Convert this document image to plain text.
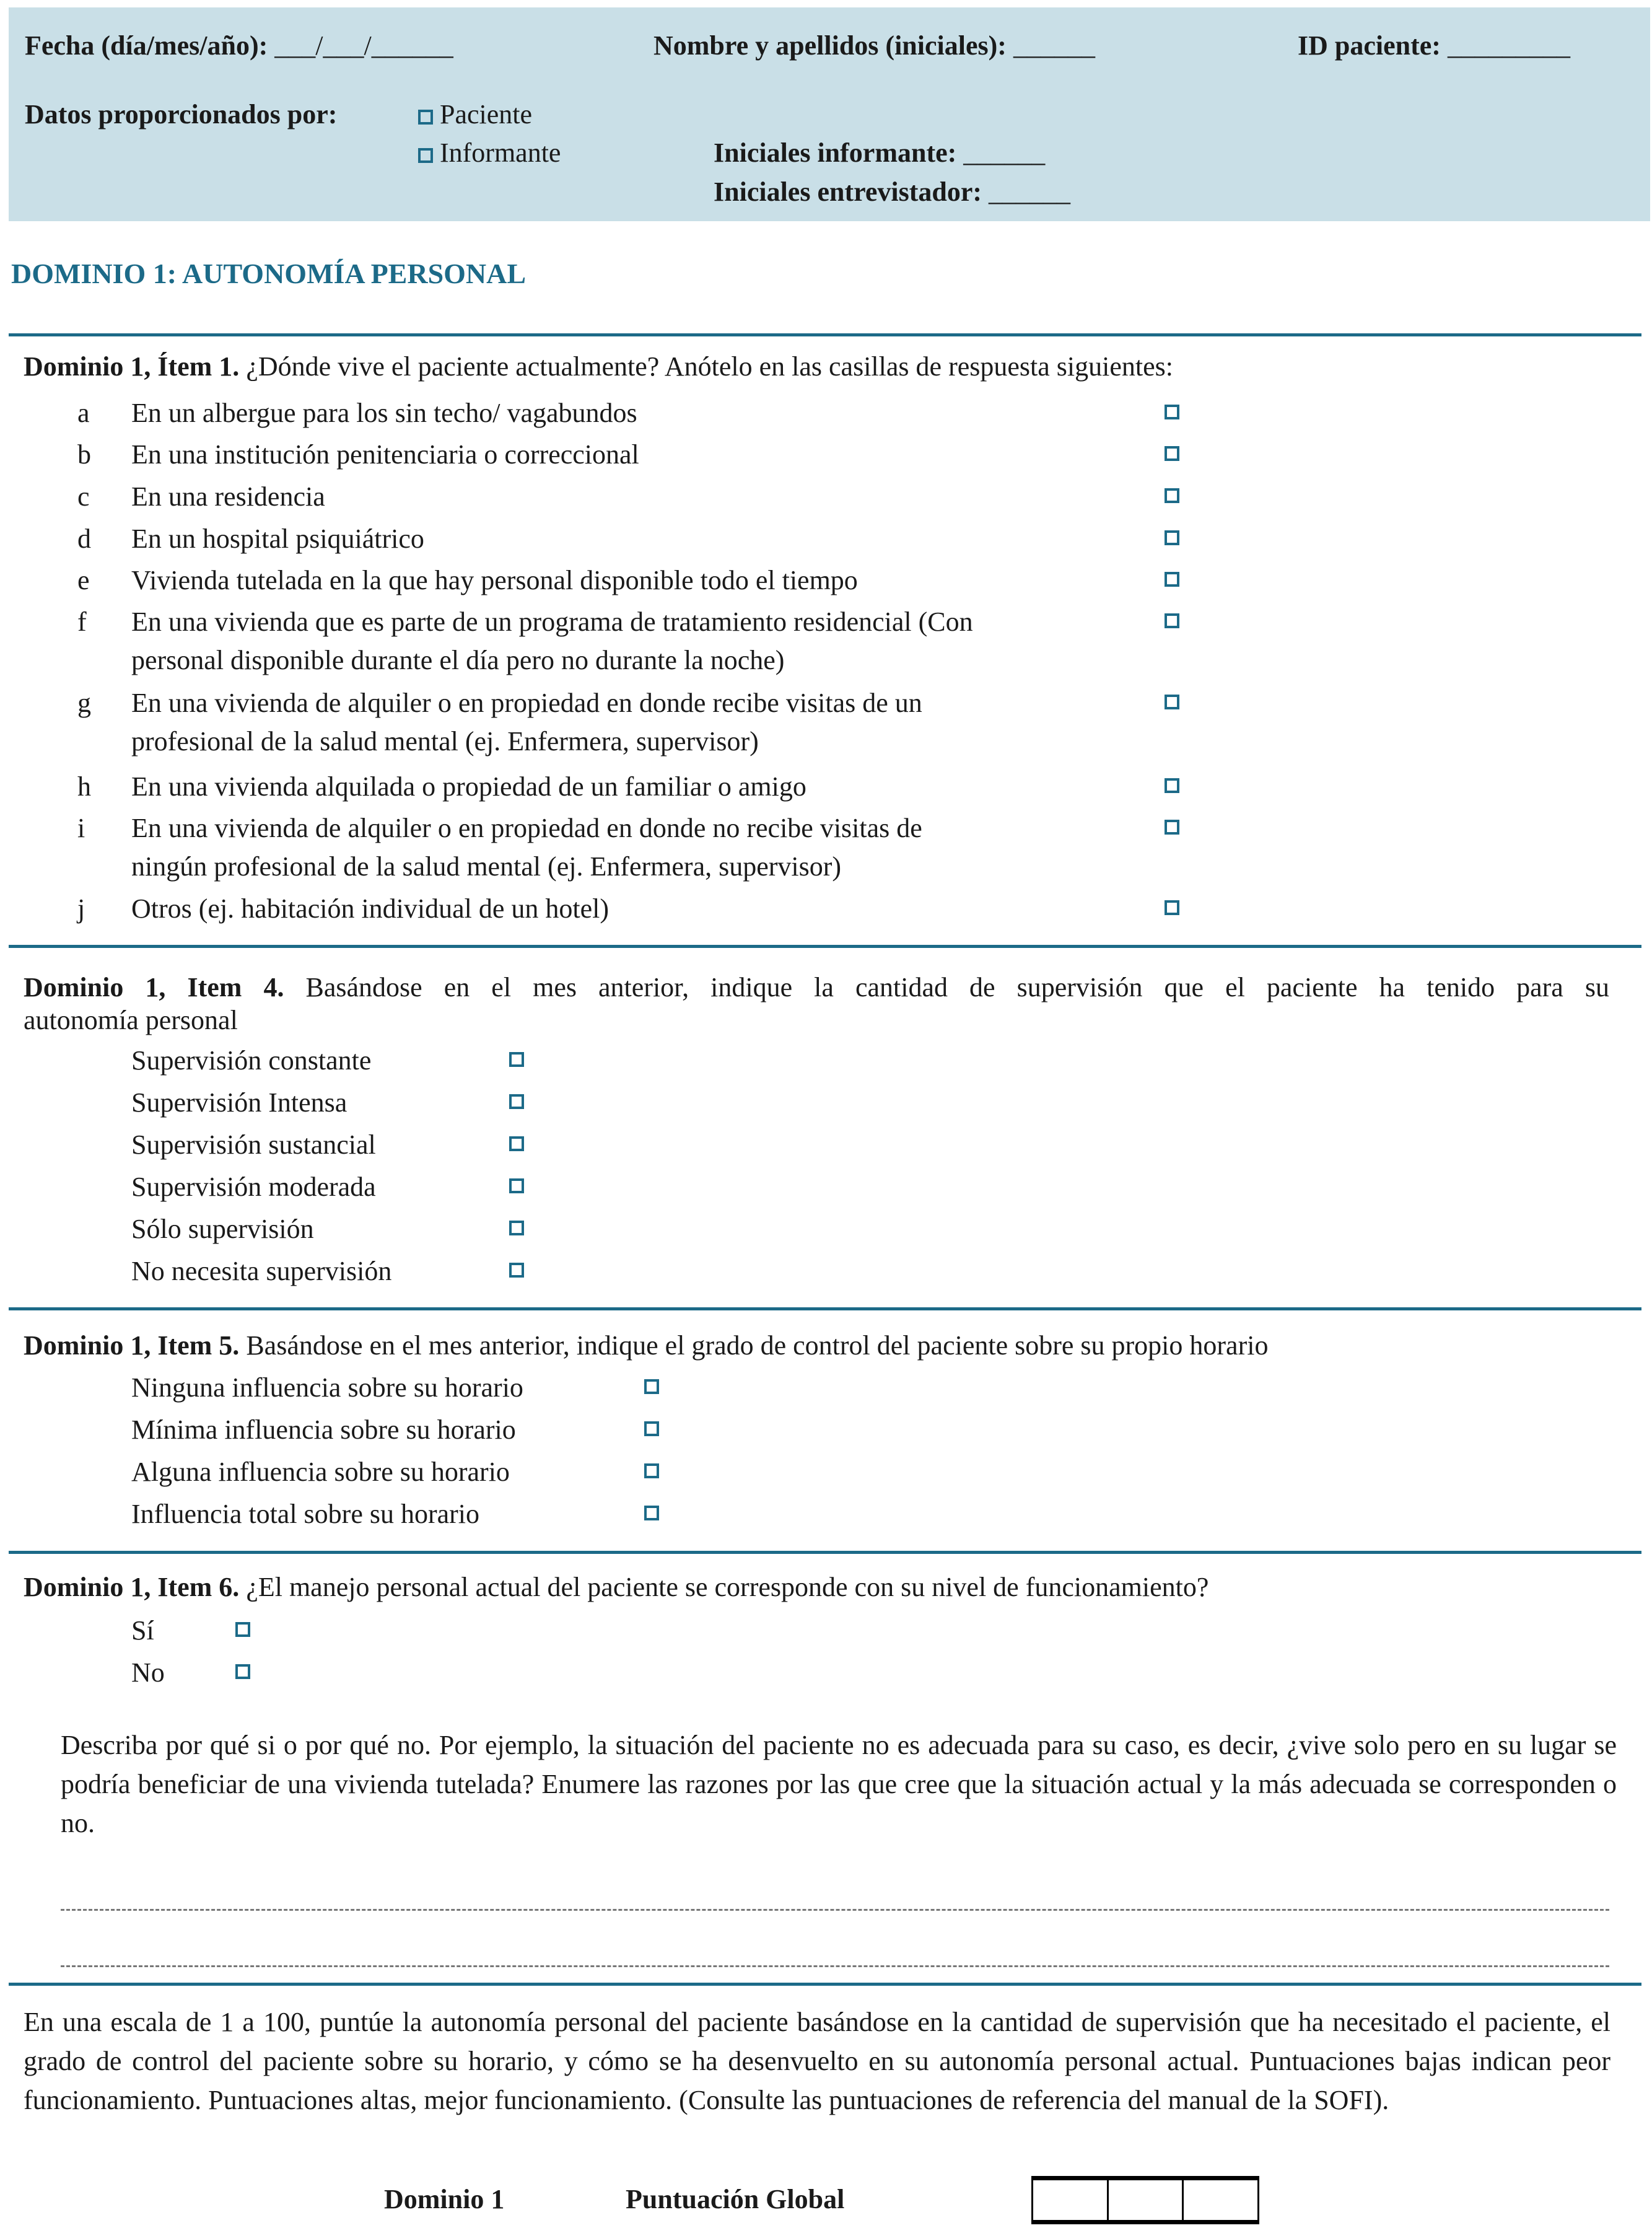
Fecha (día/mes/año): ___/___/______	Nombre y apellidos (iniciales): ______	ID paciente: _________
Datos proporcionados por:	Paciente
Informante	Iniciales informante: ______
Iniciales entrevistador: ______
DOMINIO 1: AUTONOMÍA PERSONAL
Dominio 1, Ítem 1. ¿Dónde vive el paciente actualmente? Anótelo en las casillas de respuesta siguientes:
Dominio 1, Item 4. Basándose en el mes anterior, indique la cantidad de supervisión que el paciente ha tenido para su
autonomía personal
Dominio 1, Item 5. Basándose en el mes anterior, indique el grado de control del paciente sobre su propio horario
Dominio 1, Item 6. ¿El manejo personal actual del paciente se corresponde con su nivel de funcionamiento?
Describa por qué si o por qué no. Por ejemplo, la situación del paciente no es adecuada para su caso, es decir, ¿vive solo pero en su lugar se podría beneficiar de una vivienda tutelada? Enumere las razones por las que cree que la situación actual y la más adecuada se corresponden o no.
En una escala de 1 a 100, puntúe la autonomía personal del paciente basándose en la cantidad de supervisión que ha necesitado el paciente, el grado de control del paciente sobre su horario, y cómo se ha desenvuelto en su autonomía personal actual. Puntuaciones bajas indican peor funcionamiento. Puntuaciones altas, mejor funcionamiento. (Consulte las puntuaciones de referencia del manual de la SOFI).
Dominio 1	Puntuación Global
a En un albergue para los sin techo/ vagabundos
b En una institución penitenciaria o correccional
c En una residencia
d En un hospital psiquiátrico
e Vivienda tutelada en la que hay personal disponible todo el tiempo
f En una vivienda que es parte de un programa de tratamiento residencial (Con
personal disponible durante el día pero no durante la noche)
g En una vivienda de alquiler o en propiedad en donde recibe visitas de un
profesional de la salud mental (ej. Enfermera, supervisor)
h En una vivienda alquilada o propiedad de un familiar o amigo
i En una vivienda de alquiler o en propiedad en donde no recibe visitas de
ningún profesional de la salud mental (ej. Enfermera, supervisor)
j Otros (ej. habitación individual de un hotel)
Supervisión constante
Supervisión Intensa
Supervisión sustancial
Supervisión moderada
Sólo supervisión
No necesita supervisión
Ninguna influencia sobre su horario
Mínima influencia sobre su horario
Alguna influencia sobre su horario
Influencia total sobre su horario
Sí
No
